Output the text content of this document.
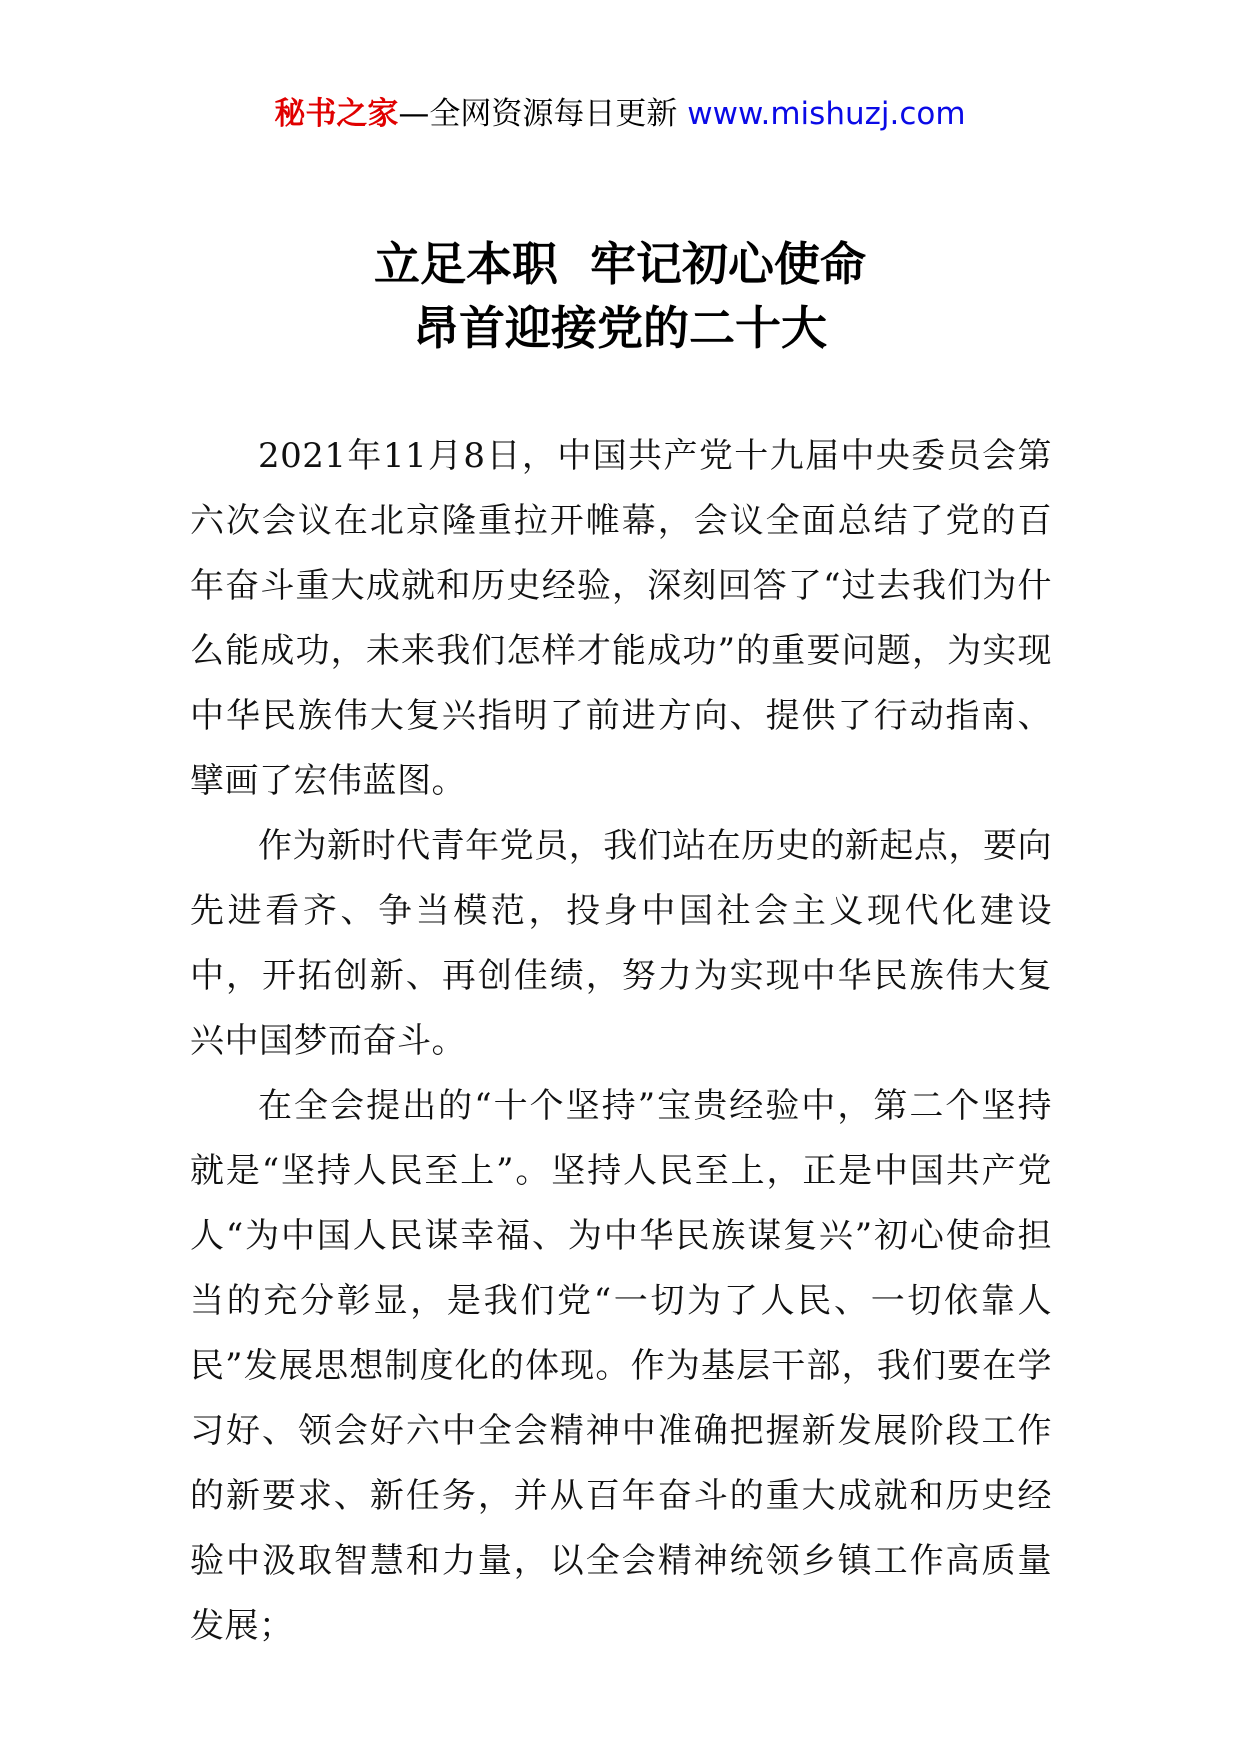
秘书之家—全网资源每日更新 www.mishuzj.com
立足本职  牢记初心使命
昂首迎接党的二十大

2021年11月8日，中国共产党十九届中央委员会第六次会议在北京隆重拉开帷幕，会议全面总结了党的百年奋斗重大成就和历史经验，深刻回答了“过去我们为什么能成功，未来我们怎样才能成功”的重要问题，为实现中华民族伟大复兴指明了前进方向、提供了行动指南、擘画了宏伟蓝图。

作为新时代青年党员，我们站在历史的新起点，要向先进看齐、争当模范，投身中国社会主义现代化建设中，开拓创新、再创佳绩，努力为实现中华民族伟大复兴中国梦而奋斗。

在全会提出的“十个坚持”宝贵经验中，第二个坚持就是“坚持人民至上”。坚持人民至上，正是中国共产党人“为中国人民谋幸福、为中华民族谋复兴”初心使命担当的充分彰显，是我们党“一切为了人民、一切依靠人民”发展思想制度化的体现。作为基层干部，我们要在学习好、领会好六中全会精神中准确把握新发展阶段工作的新要求、新任务，并从百年奋斗的重大成就和历史经验中汲取智慧和力量，以全会精神统领乡镇工作高质量发展；
